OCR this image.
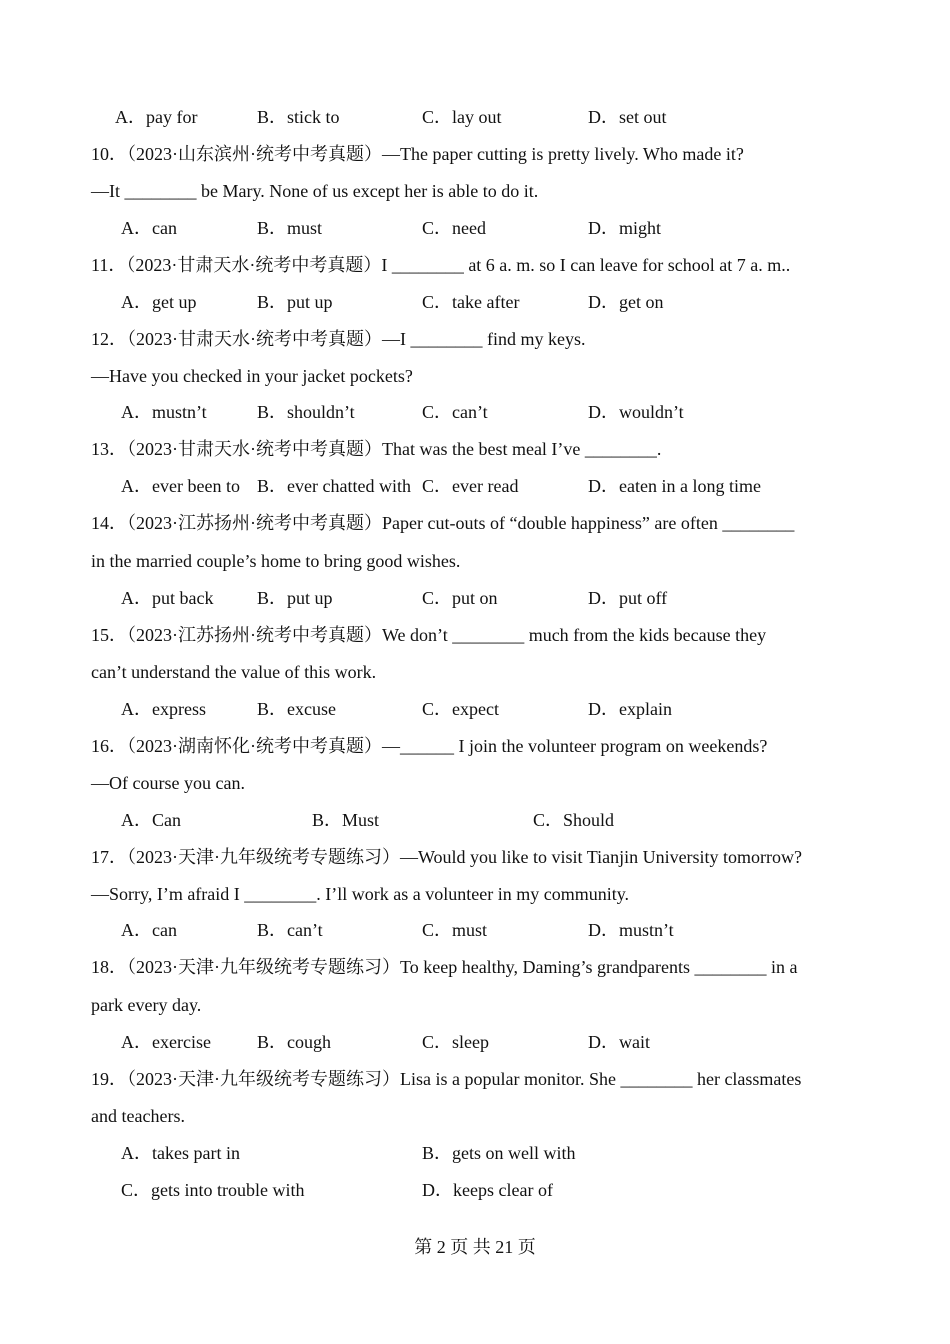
A．pay for	B．stick to	C．lay out	D．set out
10．（2023·山东滨州·统考中考真题）—The paper cutting is pretty lively. Who made it?
—It ________ be Mary. None of us except her is able to do it.
A．can	B．must	C．need	D．might
11．（2023·甘肃天水·统考中考真题）I ________ at 6 a. m. so I can leave for school at 7 a. m..
A．get up	B．put up	C．take after	D．get on
12．（2023·甘肃天水·统考中考真题）—I ________ find my keys.
—Have you checked in your jacket pockets?
A．mustn’t	B．shouldn’t	C．can’t	D．wouldn’t
13．（2023·甘肃天水·统考中考真题）That was the best meal I’ve ________.
A．ever been to B．ever chatted with C．ever read	D．eaten in a long time
14．（2023·江苏扬州·统考中考真题）Paper cut-outs of “double happiness” are often ________
in the married couple’s home to bring good wishes.
A．put back B．put up	C．put on	D．put off
15．（2023·江苏扬州·统考中考真题）We don’t ________ much from the kids because they
can’t understand the value of this work.
A．express	B．excuse	C．expect	D．explain
16．（2023·湖南怀化·统考中考真题）—______ I join the volunteer program on weekends?
—Of course you can.
A．Can	B．Must	C．Should
17．（2023·天津·九年级统考专题练习）—Would you like to visit Tianjin University tomorrow?
—Sorry, I’m afraid I ________. I’ll work as a volunteer in my community.
A．can	B．can’t	C．must	D．mustn’t
18．（2023·天津·九年级统考专题练习）To keep healthy, Daming’s grandparents ________ in a
park every day.
A．exercise	B．cough	C．sleep	D．wait
19．（2023·天津·九年级统考专题练习）Lisa is a popular monitor. She ________ her classmates
and teachers.
A．takes part in	B．gets on well with
C．gets into trouble with	D．keeps clear of
第 2 页 共 21 页
